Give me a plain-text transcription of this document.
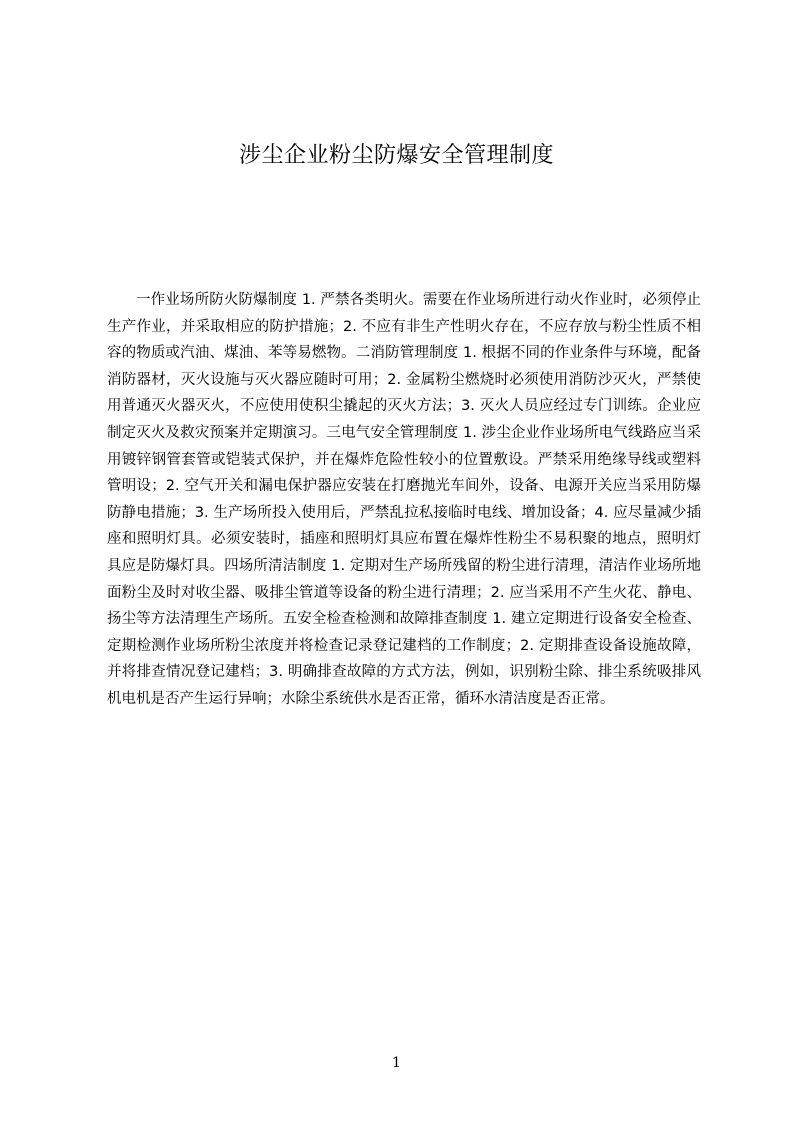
涉尘企业粉尘防爆安全管理制度

一作业场所防火防爆制度 1. 严禁各类明火。需要在作业场所进行动火作业时，必须停止生产作业，并采取相应的防护措施；2. 不应有非生产性明火存在，不应存放与粉尘性质不相容的物质或汽油、煤油、苯等易燃物。二消防管理制度 1. 根据不同的作业条件与环境，配备消防器材，灭火设施与灭火器应随时可用；2. 金属粉尘燃烧时必须使用消防沙灭火，严禁使用普通灭火器灭火，不应使用使积尘撬起的灭火方法；3. 灭火人员应经过专门训练。企业应制定灭火及救灾预案并定期演习。三电气安全管理制度 1. 涉尘企业作业场所电气线路应当采用镀锌钢管套管或铠装式保护，并在爆炸危险性较小的位置敷设。严禁采用绝缘导线或塑料管明设；2. 空气开关和漏电保护器应安装在打磨抛光车间外，设备、电源开关应当采用防爆防静电措施；3. 生产场所投入使用后，严禁乱拉私接临时电线、增加设备；4. 应尽量减少插座和照明灯具。必须安装时，插座和照明灯具应布置在爆炸性粉尘不易积聚的地点，照明灯具应是防爆灯具。四场所清洁制度 1. 定期对生产场所残留的粉尘进行清理，清洁作业场所地面粉尘及时对收尘器、吸排尘管道等设备的粉尘进行清理；2. 应当采用不产生火花、静电、扬尘等方法清理生产场所。五安全检查检测和故障排查制度 1. 建立定期进行设备安全检查、定期检测作业场所粉尘浓度并将检查记录登记建档的工作制度；2. 定期排查设备设施故障，并将排查情况登记建档；3. 明确排查故障的方式方法，例如，识别粉尘除、排尘系统吸排风机电机是否产生运行异响；水除尘系统供水是否正常，循环水清洁度是否正常。

1
